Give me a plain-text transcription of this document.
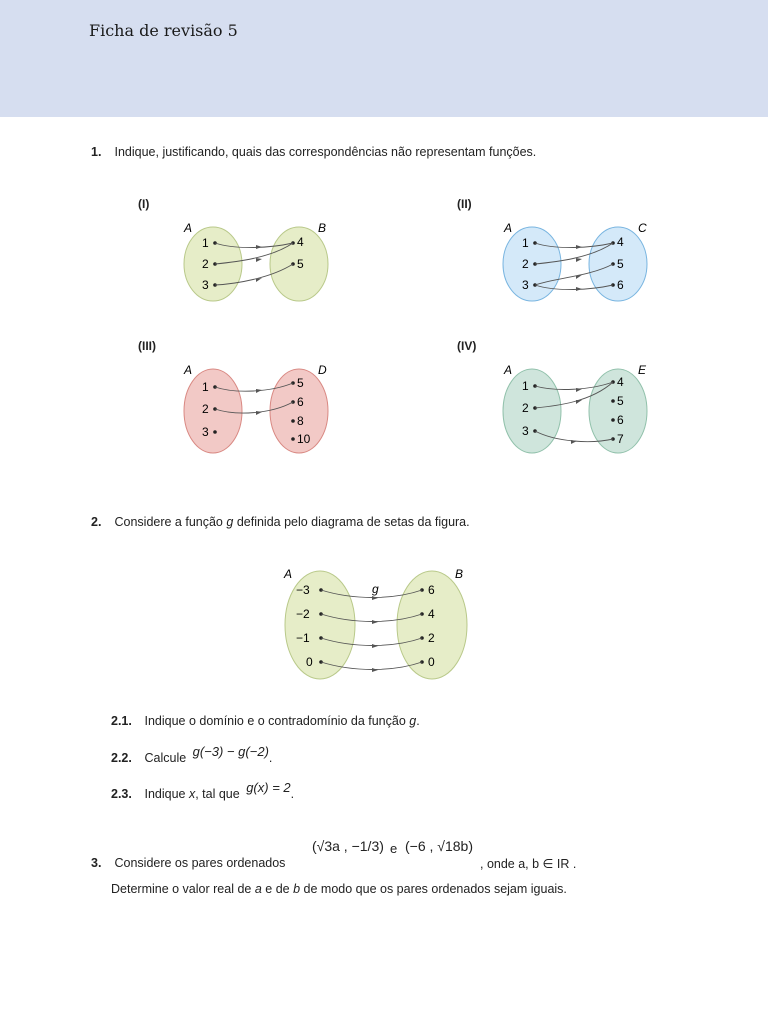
Ficha de revisão 5
1. Indique, justificando, quais das correspondências não representam funções.
(I)	(II)
(III)	(IV)
A	B
1
2
3
4
5
A	C
1
2
3
4
5
6
A	D
1
2
3
5
6
8
10
A	E
1
2
3
4
5
6
7
2. Considere a função g definida pelo diagrama de setas da figura.
A	B
g
−3
−2
−1
0
6
4
2
0
2.1. Indique o domínio e o contradomínio da função g.
2.2. Calcule g(−3) − g(−2).
2.3. Indique x, tal que g(x) = 2.
3. Considere os pares ordenados
(√3a , −1/3) e (−6 , √18b)
, onde a, b ∈ IR .
Determine o valor real de a e de b de modo que os pares ordenados sejam iguais.
